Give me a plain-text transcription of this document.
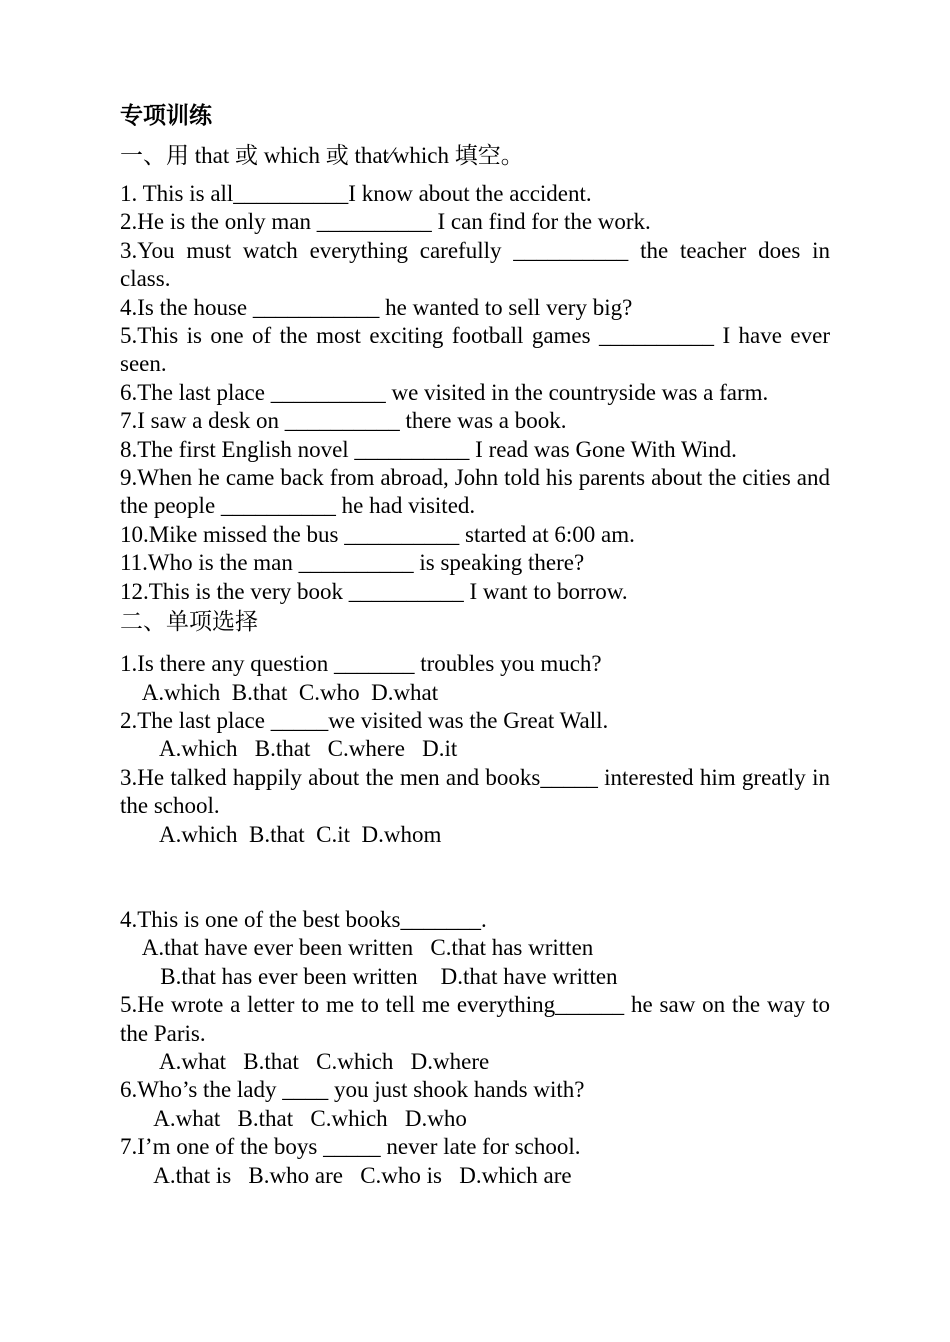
专项训练
一、用 that 或 which 或 that⁄which 填空。
1. This is all__________I know about the accident.
2.He is the only man __________ I can find for the work.
3.You must watch everything carefully __________ the teacher does in class.
4.Is the house ___________ he wanted to sell very big?
5.This is one of the most exciting football games __________ I have ever seen.
6.The last place __________ we visited in the countryside was a farm.
7.I saw a desk on __________ there was a book.
8.The first English novel __________ I read was Gone With Wind.
9.When he came back from abroad, John told his parents about the cities and the people __________ he had visited.
10.Mike missed the bus __________ started at 6:00 am.
11.Who is the man __________ is speaking there?
12.This is the very book __________ I want to borrow.
二、单项选择
1.Is there any question _______ troubles you much?
A.which  B.that  C.who  D.what
2.The last place _____we visited was the Great Wall.
A.which   B.that   C.where   D.it
3.He talked happily about the men and books_____ interested him greatly in the school.
A.which  B.that  C.it  D.whom
4.This is one of the best books_______.
A.that have ever been written   C.that has written
B.that has ever been written    D.that have written
5.He wrote a letter to me to tell me everything______ he saw on the way to the Paris.
A.what   B.that   C.which   D.where
6.Who’s the lady ____ you just shook hands with?
A.what   B.that   C.which   D.who
7.I’m one of the boys _____ never late for school.
A.that is   B.who are   C.who is   D.which are
